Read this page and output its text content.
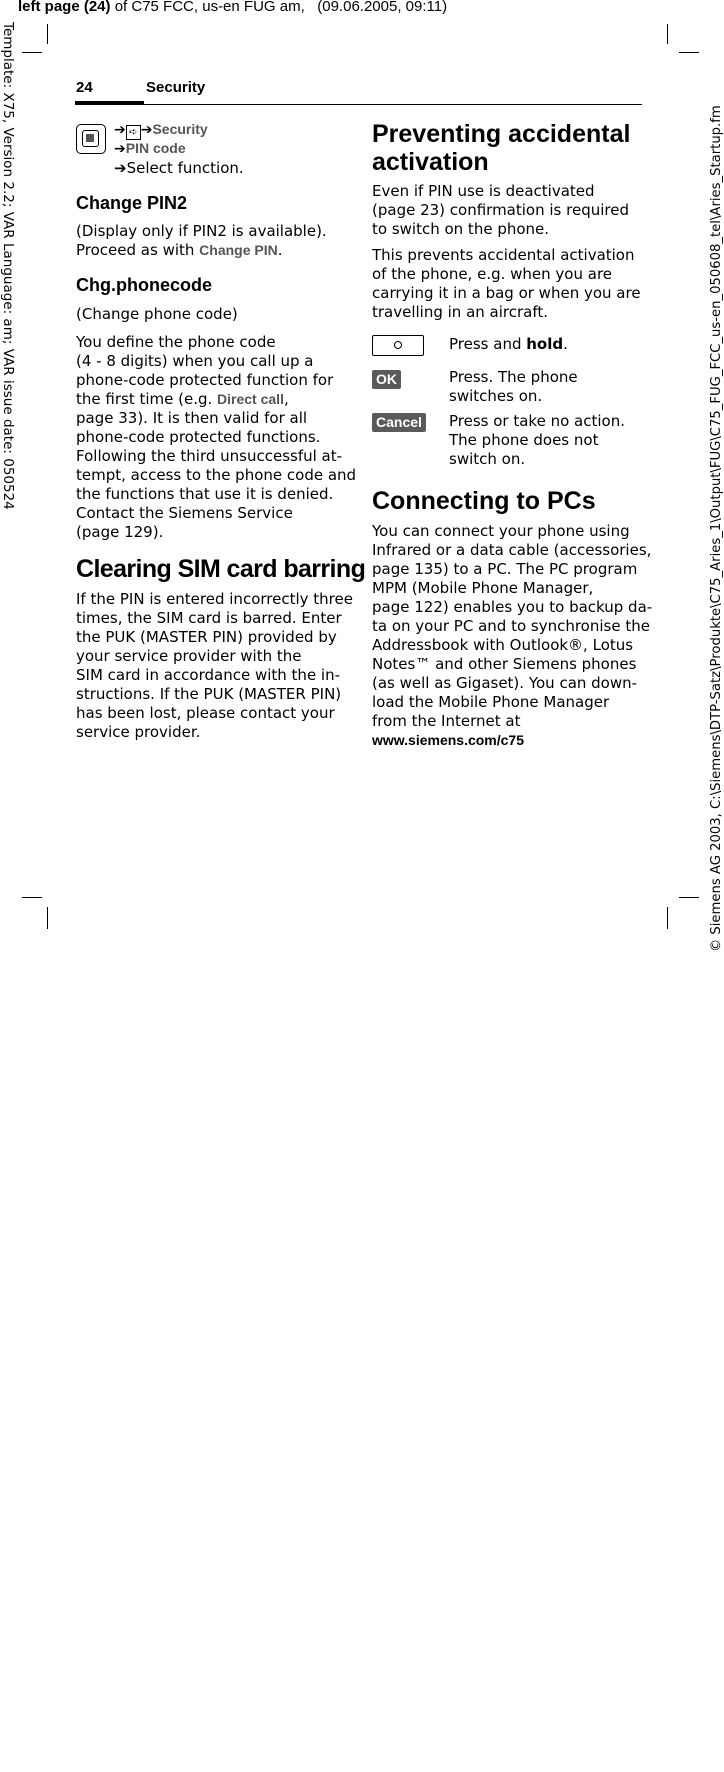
left page (24) of C75 FCC, us-en FUG am,   (09.06.2005, 09:11)
Template: X75, Version 2.2; VAR Language: am; VAR issue date: 050524	© Siemens AG 2003, C:\Siemens\DTP-Satz\Produkte\C75_Aries_1\Output\FUG\C75_FUG_FCC_us-en_050608_tel\Aries_Startup.fm
24	Security
➔ ➪ ➔Security
➔PIN code
➔Select function.
Change PIN2
(Display only if PIN2 is available). Proceed as with Change PIN.
Chg.phonecode

(Change phone code)

You define the phone code

(4 - 8 digits) when you call up a

phone-code protected function for

the first time (e.g. Direct call,

page 33). It is then valid for all

phone-code protected functions.

Following the third unsuccessful at-

tempt, access to the phone code and

the functions that use it is denied.

Contact the Siemens Service

(page 129).

Clearing SIM card barring

If the PIN is entered incorrectly three

times, the SIM card is barred. Enter

the PUK (MASTER PIN) provided by

your service provider with the

SIM card in accordance with the in-

structions. If the PUK (MASTER PIN)

has been lost, please contact your

service provider.

Preventing accidental
activation

Even if PIN use is deactivated

(page 23) confirmation is required

to switch on the phone.

This prevents accidental activation

of the phone, e.g. when you are

carrying it in a bag or when you are

travelling in an aircraft.

Press and hold.
OK	Press. The phone

switches on.

Cancel Press or take no action.

The phone does not

switch on.

Connecting to PCs

You can connect your phone using

Infrared or a data cable (accessories,

page 135) to a PC. The PC program

MPM (Mobile Phone Manager,

page 122) enables you to backup da-

ta on your PC and to synchronise the

Addressbook with Outlook®, Lotus

Notes™ and other Siemens phones

(as well as Gigaset). You can down-

load the Mobile Phone Manager

from the Internet at

www.siemens.com/c75
